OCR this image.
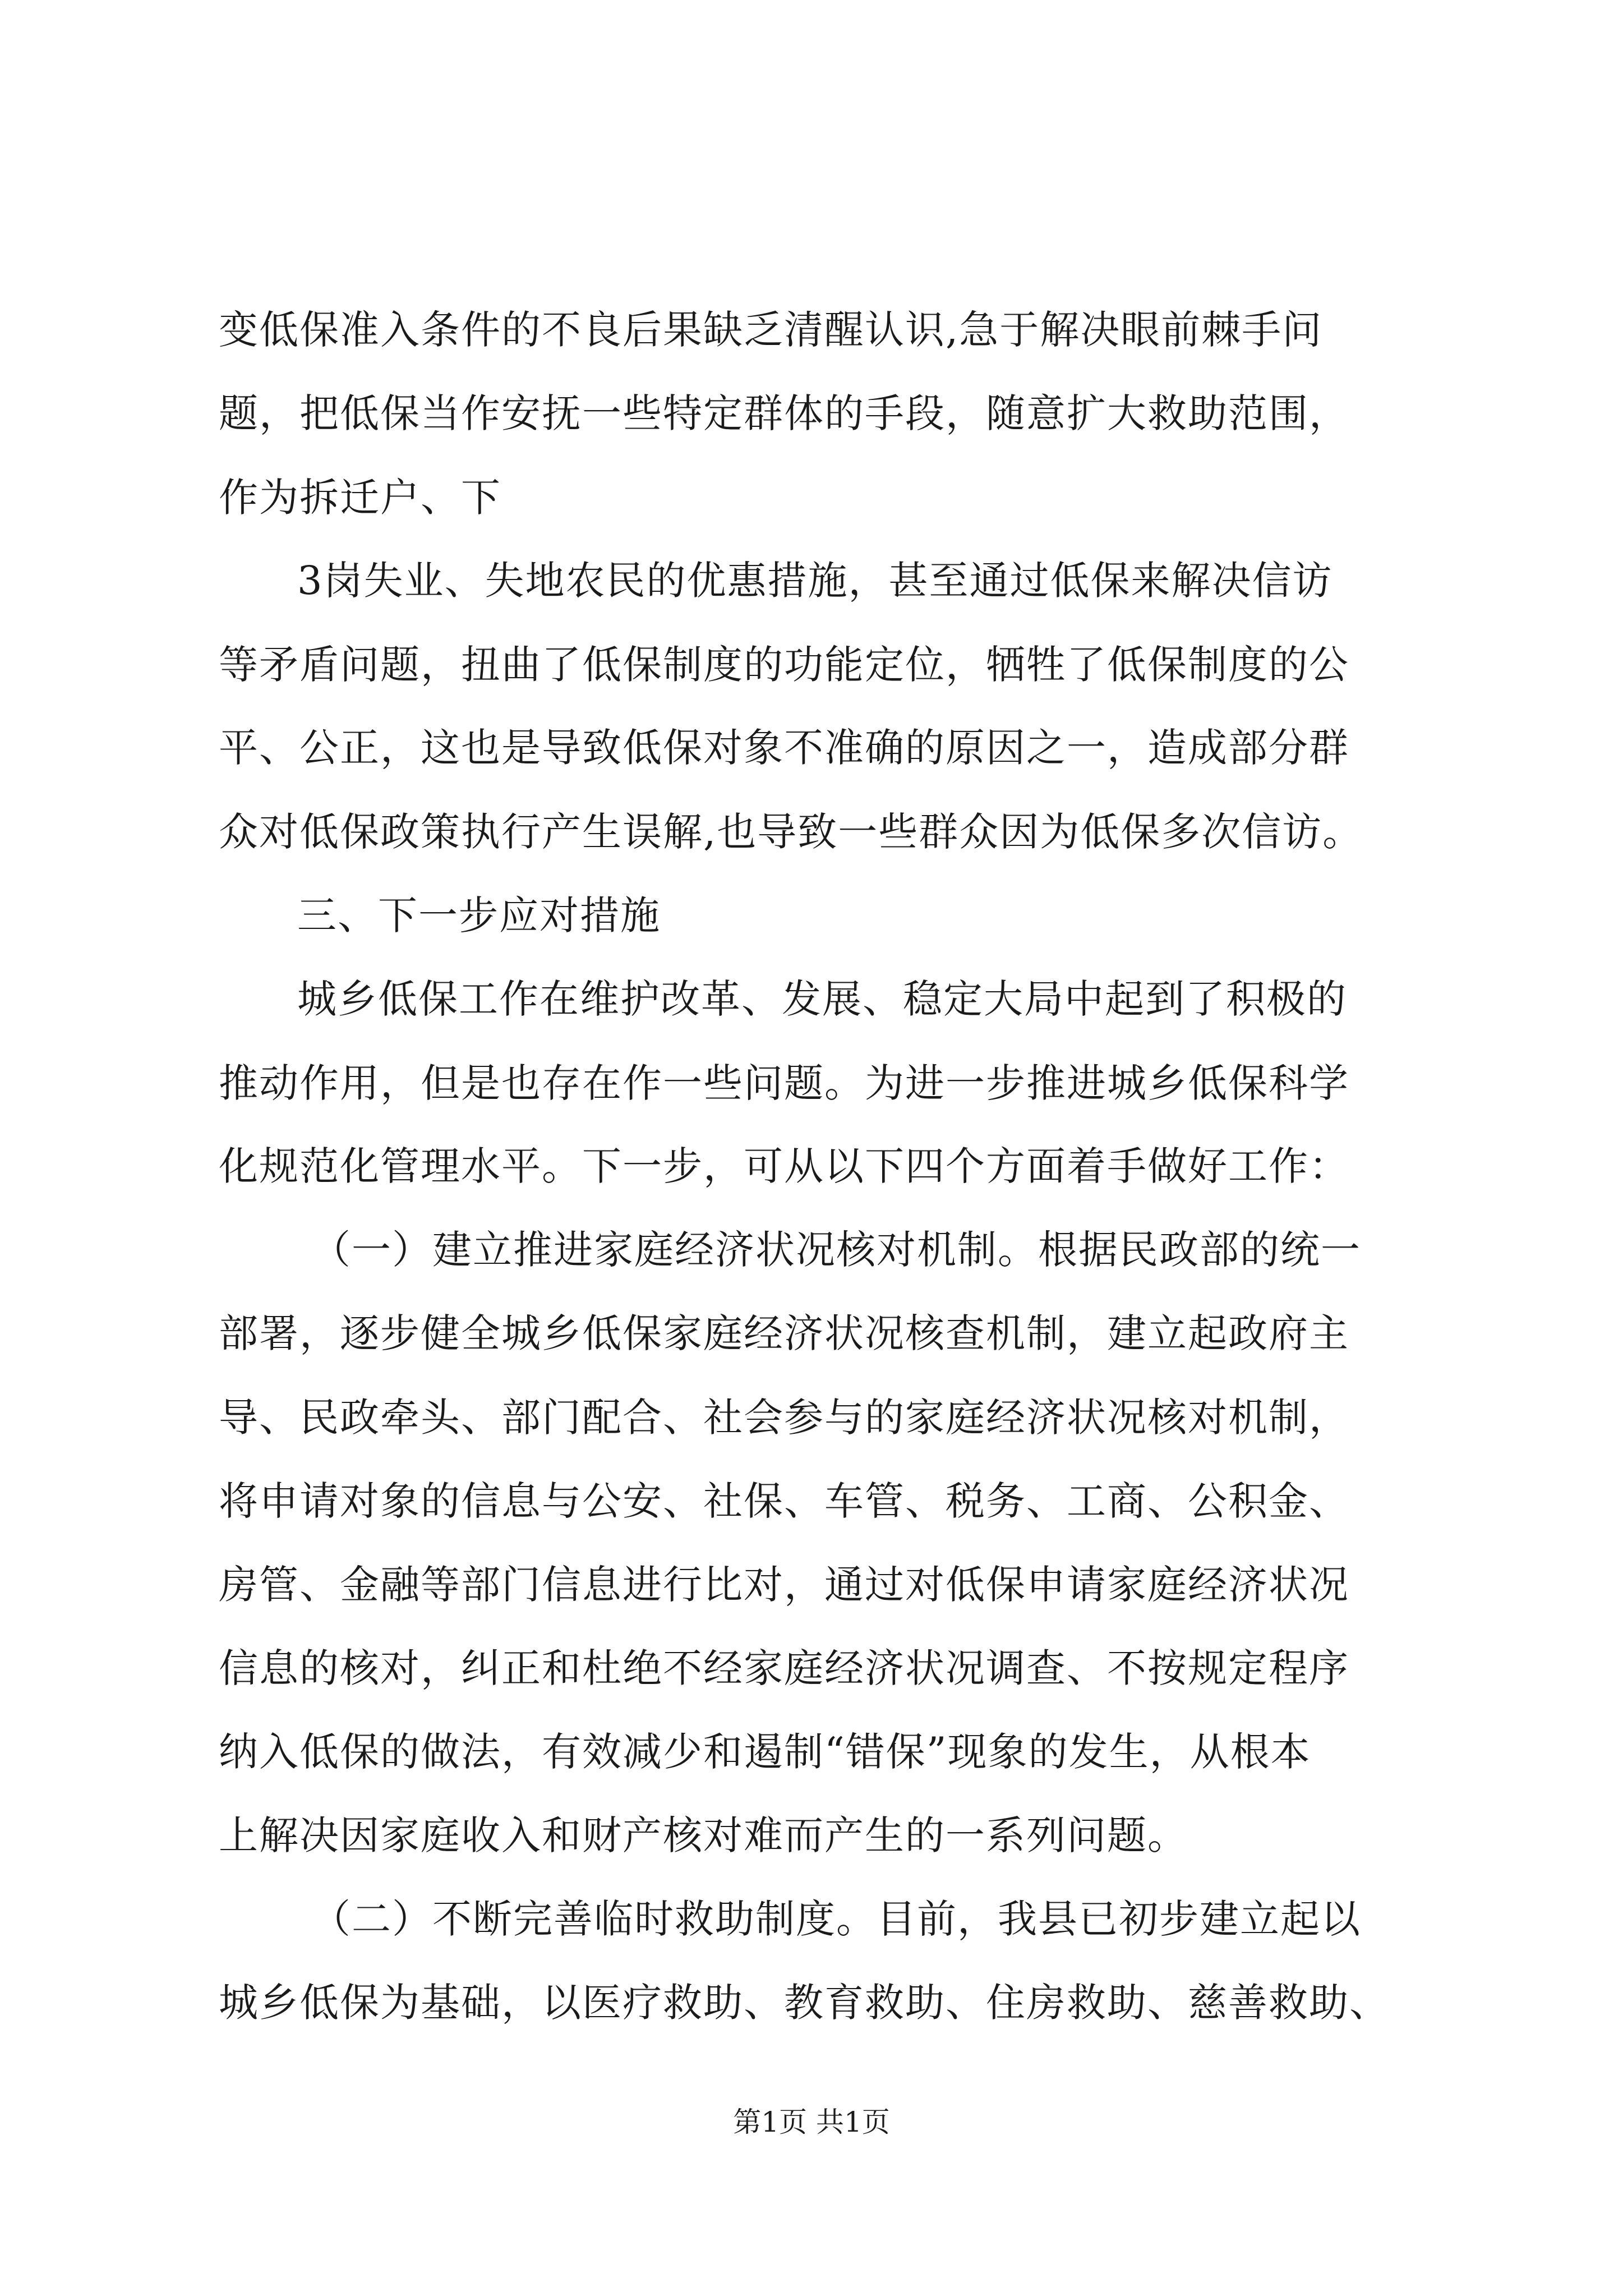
变低保准入条件的不良后果缺乏清醒认识,急于解决眼前棘手问
题，把低保当作安抚一些特定群体的手段，随意扩大救助范围，
作为拆迁户、下
3岗失业、失地农民的优惠措施，甚至通过低保来解决信访
等矛盾问题，扭曲了低保制度的功能定位，牺牲了低保制度的公
平、公正，这也是导致低保对象不准确的原因之一，造成部分群
众对低保政策执行产生误解,也导致一些群众因为低保多次信访。
三、下一步应对措施
城乡低保工作在维护改革、发展、稳定大局中起到了积极的
推动作用，但是也存在作一些问题。为进一步推进城乡低保科学
化规范化管理水平。下一步，可从以下四个方面着手做好工作：
（一）建立推进家庭经济状况核对机制。根据民政部的统一
部署，逐步健全城乡低保家庭经济状况核查机制，建立起政府主
导、民政牵头、部门配合、社会参与的家庭经济状况核对机制，
将申请对象的信息与公安、社保、车管、税务、工商、公积金、
房管、金融等部门信息进行比对，通过对低保申请家庭经济状况
信息的核对，纠正和杜绝不经家庭经济状况调查、不按规定程序
纳入低保的做法，有效减少和遏制“错保”现象的发生，从根本
上解决因家庭收入和财产核对难而产生的一系列问题。
（二）不断完善临时救助制度。目前，我县已初步建立起以
城乡低保为基础，以医疗救助、教育救助、住房救助、慈善救助、
第1页 共1页
